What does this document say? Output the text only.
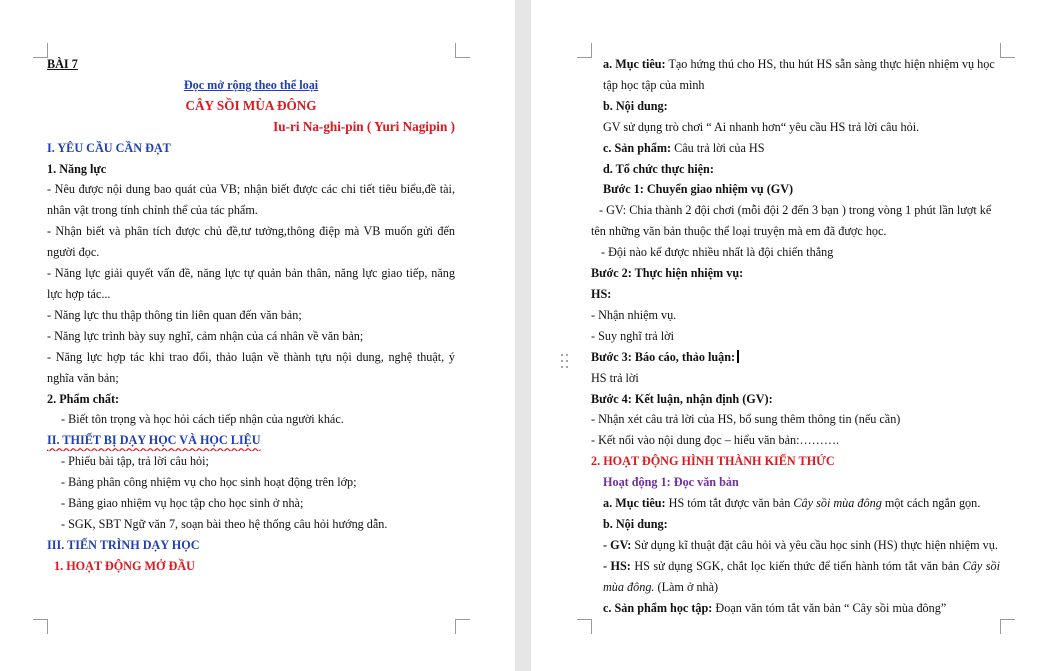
BÀI 7
Đọc mở rộng theo thể loại
CÂY SỒI MÙA ĐÔNG
Iu-ri Na-ghi-pin ( Yuri Nagipin )
I. YÊU CẦU CẦN ĐẠT
1. Năng lực
- Nêu được nội dung bao quát của VB; nhận biết được các chi tiết tiêu biểu,đề tài,
nhân vật trong tính chỉnh thể của tác phẩm.
- Nhận biết và phân tích được chủ đề,tư tưởng,thông điệp mà VB muốn gửi đến
người đọc.
- Năng lực giải quyết vấn đề, năng lực tự quản bản thân, năng lực giao tiếp, năng
lực hợp tác...
- Năng lực thu thập thông tin liên quan đến văn bản;
- Năng lực trình bày suy nghĩ, cảm nhận của cá nhân về văn bản;
- Năng lực hợp tác khi trao đổi, thảo luận về thành tựu nội dung, nghệ thuật, ý
nghĩa văn bản;
2. Phẩm chất:
- Biết tôn trọng và học hỏi cách tiếp nhận của người khác.
II. THIẾT BỊ DẠY HỌC VÀ HỌC LIỆU
- Phiếu bài tập, trả lời câu hỏi;
- Bảng phân công nhiệm vụ cho học sinh hoạt động trên lớp;
- Bảng giao nhiệm vụ học tập cho học sinh ở nhà;
- SGK, SBT Ngữ văn 7, soạn bài theo hệ thống câu hỏi hướng dẫn.
III. TIẾN TRÌNH DẠY HỌC
1. HOẠT ĐỘNG MỞ ĐẦU
a. Mục tiêu: Tạo hứng thú cho HS, thu hút HS sẵn sàng thực hiện nhiệm vụ học
tập học tập của mình
b. Nội dung:
GV sử dụng trò chơi “ Ai nhanh hơn“ yêu cầu HS trả lời câu hỏi.
c. Sản phẩm: Câu trả lời của HS
d. Tổ chức thực hiện:
Bước 1: Chuyển giao nhiệm vụ (GV)
- GV: Chia thành 2 đội chơi (mỗi đội 2 đến 3 bạn ) trong vòng 1 phút lần lượt kể
tên những văn bản thuộc thể loại truyện mà em đã được học.
- Đội nào kể được nhiều nhất là đội chiến thắng
Bước 2: Thực hiện nhiệm vụ:
HS:
- Nhận nhiệm vụ.
- Suy nghĩ trả lời
Bước 3: Báo cáo, thảo luận:
HS trả lời
Bước 4: Kết luận, nhận định (GV):
- Nhận xét câu trả lời của HS, bổ sung thêm thông tin (nếu cần)
- Kết nối vào nội dung đọc – hiểu văn bản:……….
2. HOẠT ĐỘNG HÌNH THÀNH KIẾN THỨC
Hoạt động 1: Đọc văn bản
a. Mục tiêu: HS tóm tắt được văn bản Cây sồi mùa đông một cách ngắn gọn.
b. Nội dung:
- GV: Sử dụng kĩ thuật đặt câu hỏi và yêu cầu học sinh (HS) thực hiện nhiệm vụ.
- HS: HS sử dụng SGK, chắt lọc kiến thức để tiến hành tóm tắt văn bản Cây sồi
mùa đông. (Làm ở nhà)
c. Sản phẩm học tập: Đoạn văn tóm tắt văn bản “ Cây sồi mùa đông”
